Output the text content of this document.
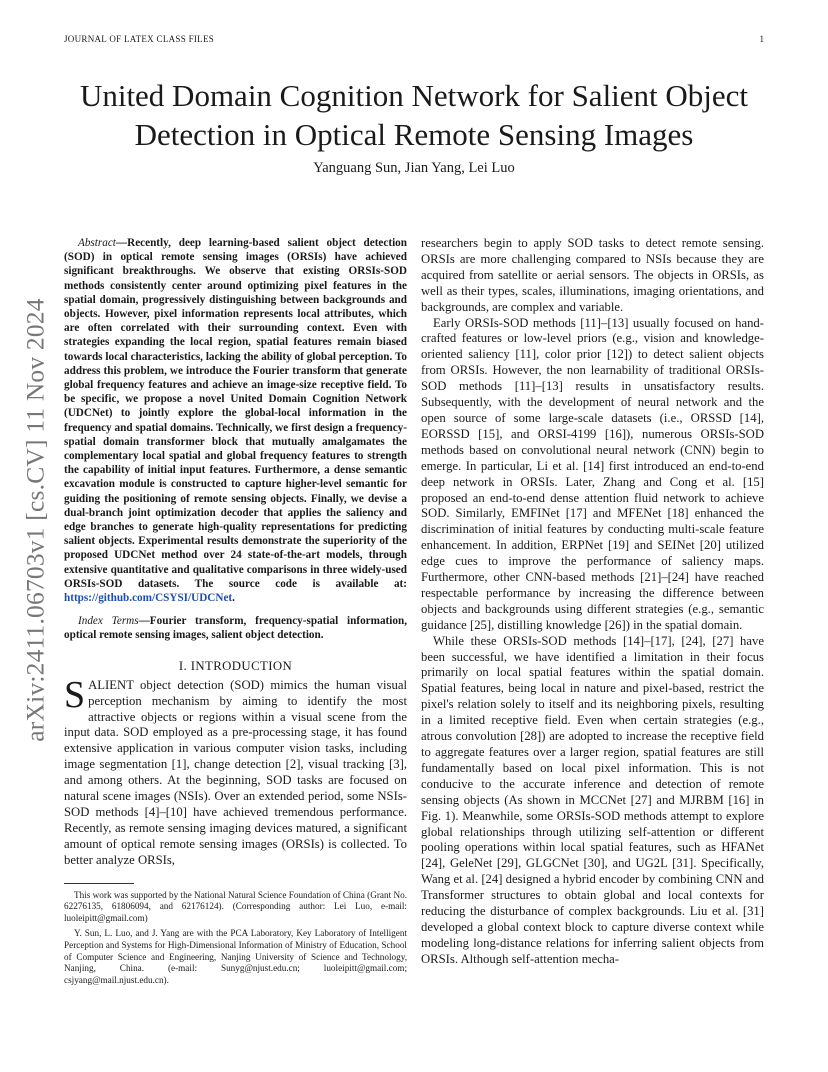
JOURNAL OF LATEX CLASS FILES	1
United Domain Cognition Network for Salient Object Detection in Optical Remote Sensing Images
Yanguang Sun, Jian Yang, Lei Luo
arXiv:2411.06703v1 [cs.CV] 11 Nov 2024

Abstract—Recently, deep learning-based salient object detection (SOD) in optical remote sensing images (ORSIs) have achieved significant breakthroughs. We observe that existing ORSIs-SOD methods consistently center around optimizing pixel features in the spatial domain, progressively distinguishing between backgrounds and objects. However, pixel information represents local attributes, which are often correlated with their surrounding context. Even with strategies expanding the local region, spatial features remain biased towards local characteristics, lacking the ability of global perception. To address this problem, we introduce the Fourier transform that generate global frequency features and achieve an image-size receptive field. To be specific, we propose a novel United Domain Cognition Network (UDCNet) to jointly explore the global-local information in the frequency and spatial domains. Technically, we first design a frequency-spatial domain transformer block that mutually amalgamates the complementary local spatial and global frequency features to strength the capability of initial input features. Furthermore, a dense semantic excavation module is constructed to capture higher-level semantic for guiding the positioning of remote sensing objects. Finally, we devise a dual-branch joint optimization decoder that applies the saliency and edge branches to generate high-quality representations for predicting salient objects. Experimental results demonstrate the superiority of the proposed UDCNet method over 24 state-of-the-art models, through extensive quantitative and qualitative comparisons in three widely-used ORSIs-SOD datasets. The source code is available at: https://github.com/CSYSI/UDCNet.

Index Terms—Fourier transform, frequency-spatial information, optical remote sensing images, salient object detection.

I. INTRODUCTION

SALIENT object detection (SOD) mimics the human visual perception mechanism by aiming to identify the most attractive objects or regions within a visual scene from the input data. SOD employed as a pre-processing stage, it has found extensive application in various computer vision tasks, including image segmentation [1], change detection [2], visual tracking [3], and among others. At the beginning, SOD tasks are focused on natural scene images (NSIs). Over an extended period, some NSIs-SOD methods [4]–[10] have achieved tremendous performance. Recently, as remote sensing imaging devices matured, a significant amount of optical remote sensing images (ORSIs) is collected. To better analyze ORSIs,

This work was supported by the National Natural Science Foundation of China (Grant No. 62276135, 61806094, and 62176124). (Corresponding author: Lei Luo, e-mail: luoleipitt@gmail.com)

Y. Sun, L. Luo, and J. Yang are with the PCA Laboratory, Key Laboratory of Intelligent Perception and Systems for High-Dimensional Information of Ministry of Education, School of Computer Science and Engineering, Nanjing University of Science and Technology, Nanjing, China. (e-mail: Sunyg@njust.edu.cn; luoleipitt@gmail.com; csjyang@mail.njust.edu.cn).

researchers begin to apply SOD tasks to detect remote sensing. ORSIs are more challenging compared to NSIs because they are acquired from satellite or aerial sensors. The objects in ORSIs, as well as their types, scales, illuminations, imaging orientations, and backgrounds, are complex and variable.

Early ORSIs-SOD methods [11]–[13] usually focused on hand-crafted features or low-level priors (e.g., vision and knowledge-oriented saliency [11], color prior [12]) to detect salient objects from ORSIs. However, the non learnability of traditional ORSIs-SOD methods [11]–[13] results in unsatisfactory results. Subsequently, with the development of neural network and the open source of some large-scale datasets (i.e., ORSSD [14], EORSSD [15], and ORSI-4199 [16]), numerous ORSIs-SOD methods based on convolutional neural network (CNN) begin to emerge. In particular, Li et al. [14] first introduced an end-to-end deep network in ORSIs. Later, Zhang and Cong et al. [15] proposed an end-to-end dense attention fluid network to achieve SOD. Similarly, EMFINet [17] and MFENet [18] enhanced the discrimination of initial features by conducting multi-scale feature enhancement. In addition, ERPNet [19] and SEINet [20] utilized edge cues to improve the performance of saliency maps. Furthermore, other CNN-based methods [21]–[24] have reached respectable performance by increasing the difference between objects and backgrounds using different strategies (e.g., semantic guidance [25], distilling knowledge [26]) in the spatial domain.

While these ORSIs-SOD methods [14]–[17], [24], [27] have been successful, we have identified a limitation in their focus primarily on local spatial features within the spatial domain. Spatial features, being local in nature and pixel-based, restrict the pixel's relation solely to itself and its neighboring pixels, resulting in a limited receptive field. Even when certain strategies (e.g., atrous convolution [28]) are adopted to increase the receptive field to aggregate features over a larger region, spatial features are still fundamentally based on local pixel information. This is not conducive to the accurate inference and detection of remote sensing objects (As shown in MCCNet [27] and MJRBM [16] in Fig. 1). Meanwhile, some ORSIs-SOD methods attempt to explore global relationships through utilizing self-attention or different pooling operations within local spatial features, such as HFANet [24], GeleNet [29], GLGCNet [30], and UG2L [31]. Specifically, Wang et al. [24] designed a hybrid encoder by combining CNN and Transformer structures to obtain global and local contexts for reducing the disturbance of complex backgrounds. Liu et al. [31] developed a global context block to capture diverse context while modeling long-distance relations for inferring salient objects from ORSIs. Although self-attention mecha-
